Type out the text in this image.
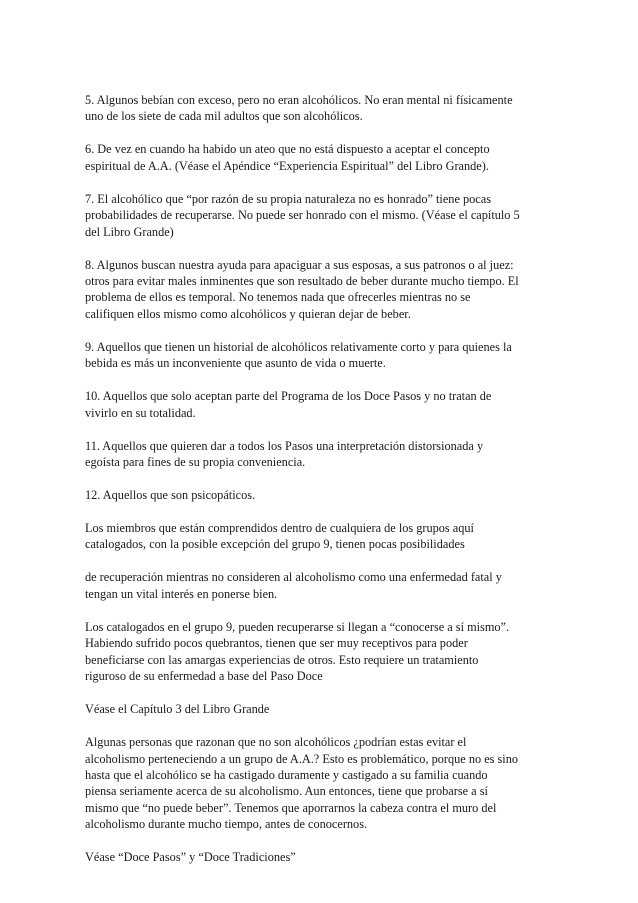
5. Algunos bebían con exceso, pero no eran alcohólicos. No eran mental ni físicamente
uno de los siete de cada mil adultos que son alcohólicos.

6. De vez en cuando ha habido un ateo que no está dispuesto a aceptar el concepto
espiritual de A.A. (Véase el Apéndice “Experiencia Espiritual” del Libro Grande).

7. El alcohólico que “por razón de su propia naturaleza no es honrado” tiene pocas
probabilidades de recuperarse. No puede ser honrado con el mismo. (Véase el capítulo 5
del Libro Grande)

8. Algunos buscan nuestra ayuda para apaciguar a sus esposas, a sus patronos o al juez:
otros para evitar males inminentes que son resultado de beber durante mucho tiempo. El
problema de ellos es temporal. No tenemos nada que ofrecerles mientras no se
califiquen ellos mismo como alcohólicos y quieran dejar de beber.

9. Aquellos que tienen un historial de alcohólicos relativamente corto y para quienes la
bebida es más un inconveniente que asunto de vida o muerte.

10. Aquellos que solo aceptan parte del Programa de los Doce Pasos y no tratan de
vivirlo en su totalidad.

11. Aquellos que quieren dar a todos los Pasos una interpretación distorsionada y
egoísta para fines de su propia conveniencia.

12. Aquellos que son psicopáticos.

Los miembros que están comprendidos dentro de cualquiera de los grupos aquí
catalogados, con la posible excepción del grupo 9, tienen pocas posibilidades

de recuperación mientras no consideren al alcoholismo como una enfermedad fatal y
tengan un vital interés en ponerse bien.

Los catalogados en el grupo 9, pueden recuperarse si llegan a “conocerse a sí mismo”.
Habiendo sufrido pocos quebrantos, tienen que ser muy receptivos para poder
beneficiarse con las amargas experiencias de otros. Esto requiere un tratamiento
riguroso de su enfermedad a base del Paso Doce

Véase el Capítulo 3 del Libro Grande

Algunas personas que razonan que no son alcohólicos ¿podrían estas evitar el
alcoholismo perteneciendo a un grupo de A.A.? Esto es problemático, porque no es sino
hasta que el alcohólico se ha castigado duramente y castigado a su familia cuando
piensa seriamente acerca de su alcoholismo. Aun entonces, tiene que probarse a sí
mismo que “no puede beber”. Tenemos que aporrarnos la cabeza contra el muro del
alcoholismo durante mucho tiempo, antes de conocernos.

Véase “Doce Pasos” y “Doce Tradiciones”
